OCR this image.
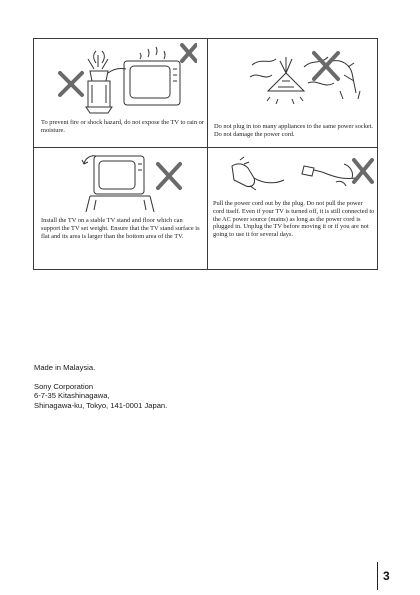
To prevent fire or shock hazard, do not expose the TV to rain or moisture.

Do not plug in too many appliances to the same power socket. Do not damage the power cord.

Install the TV on a stable TV stand and floor which can support the TV set weight. Ensure that the TV stand surface is flat and its area is larger than the bottom area of the TV.

Pull the power cord out by the plug. Do not pull the power cord itself. Even if your TV is turned off, it is still connected to the AC power source (mains) as long as the power cord is plugged in. Unplug the TV before moving it or if you are not going to use it for several days.

Made in Malaysia.

Sony Corporation

6-7-35 Kitashinagawa,

Shinagawa-ku, Tokyo, 141-0001 Japan.

3
